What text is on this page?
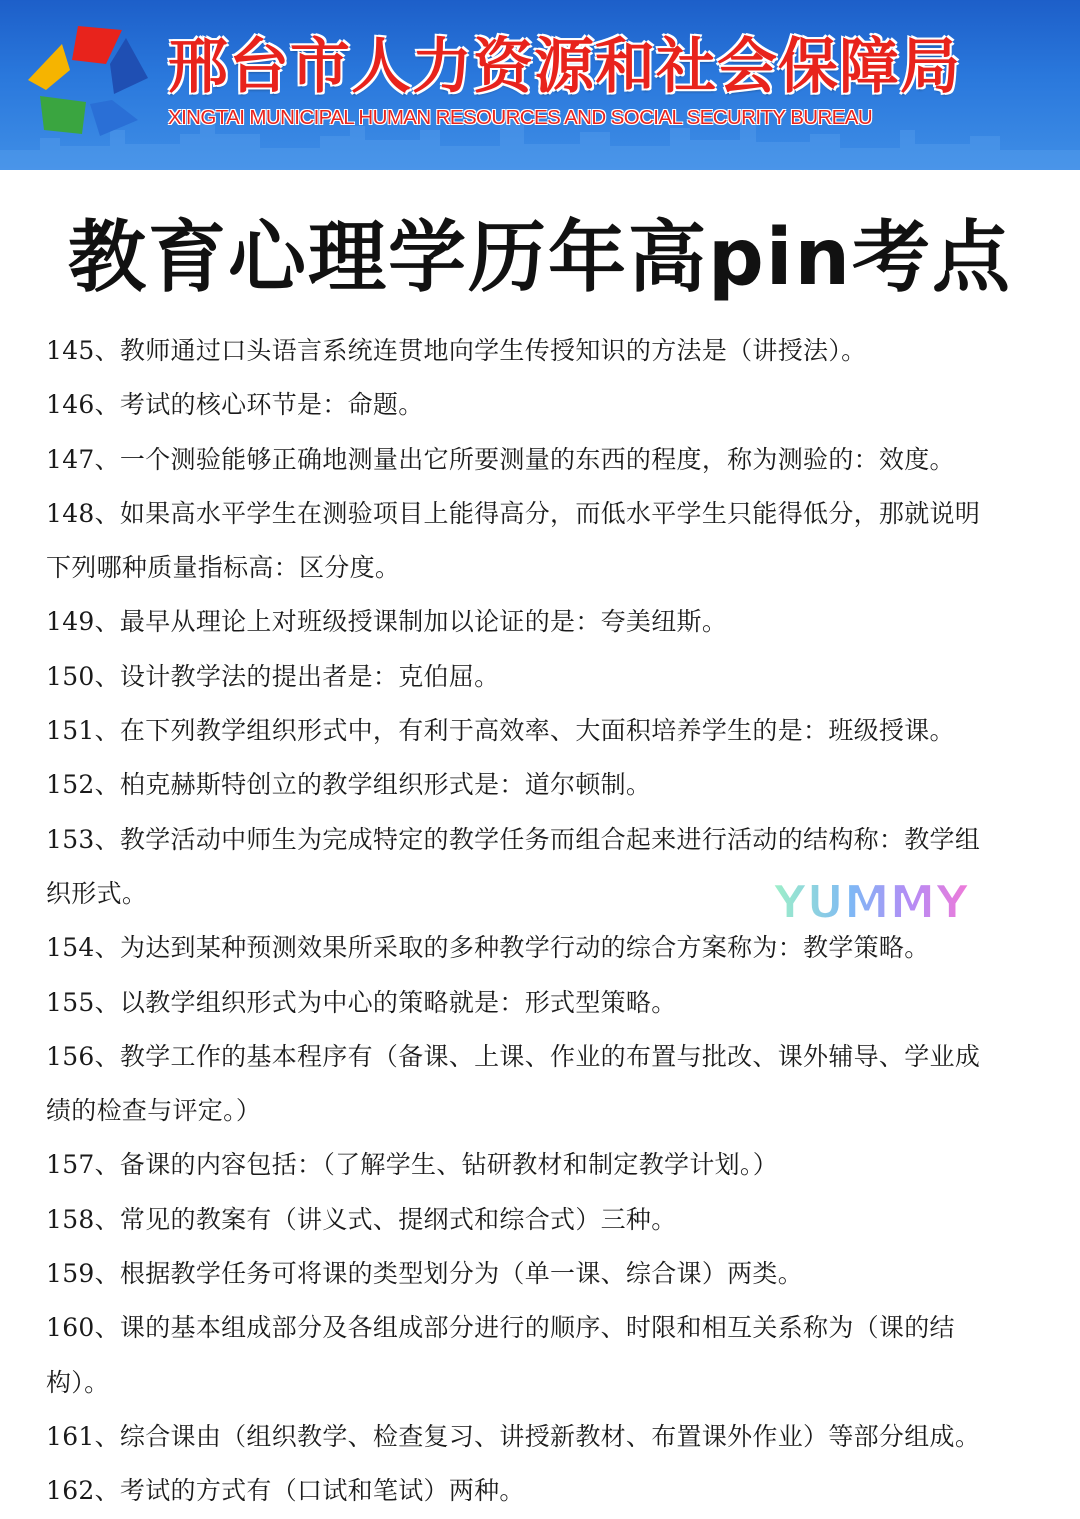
邢台市人力资源和社会保障局
XINGTAI MUNICIPAL HUMAN RESOURCES AND SOCIAL SECURITY BUREAU
教育心理学历年高pin考点
145、教师通过口头语言系统连贯地向学生传授知识的方法是（讲授法）。
146、考试的核心环节是：命题。
147、一个测验能够正确地测量出它所要测量的东西的程度，称为测验的：效度。
148、如果高水平学生在测验项目上能得高分，而低水平学生只能得低分，那就说明下列哪种质量指标高：区分度。
149、最早从理论上对班级授课制加以论证的是：夸美纽斯。
150、设计教学法的提出者是：克伯屈。
151、在下列教学组织形式中，有利于高效率、大面积培养学生的是：班级授课。
152、柏克赫斯特创立的教学组织形式是：道尔顿制。
153、教学活动中师生为完成特定的教学任务而组合起来进行活动的结构称：教学组织形式。
154、为达到某种预测效果所采取的多种教学行动的综合方案称为：教学策略。
155、以教学组织形式为中心的策略就是：形式型策略。
156、教学工作的基本程序有（备课、上课、作业的布置与批改、课外辅导、学业成绩的检查与评定。）
157、备课的内容包括：（了解学生、钻研教材和制定教学计划。）
158、常见的教案有（讲义式、提纲式和综合式）三种。
159、根据教学任务可将课的类型划分为（单一课、综合课）两类。
160、课的基本组成部分及各组成部分进行的顺序、时限和相互关系称为（课的结构）。
161、综合课由（组织教学、检查复习、讲授新教材、布置课外作业）等部分组成。
162、考试的方式有（口试和笔试）两种。
YUMMY
